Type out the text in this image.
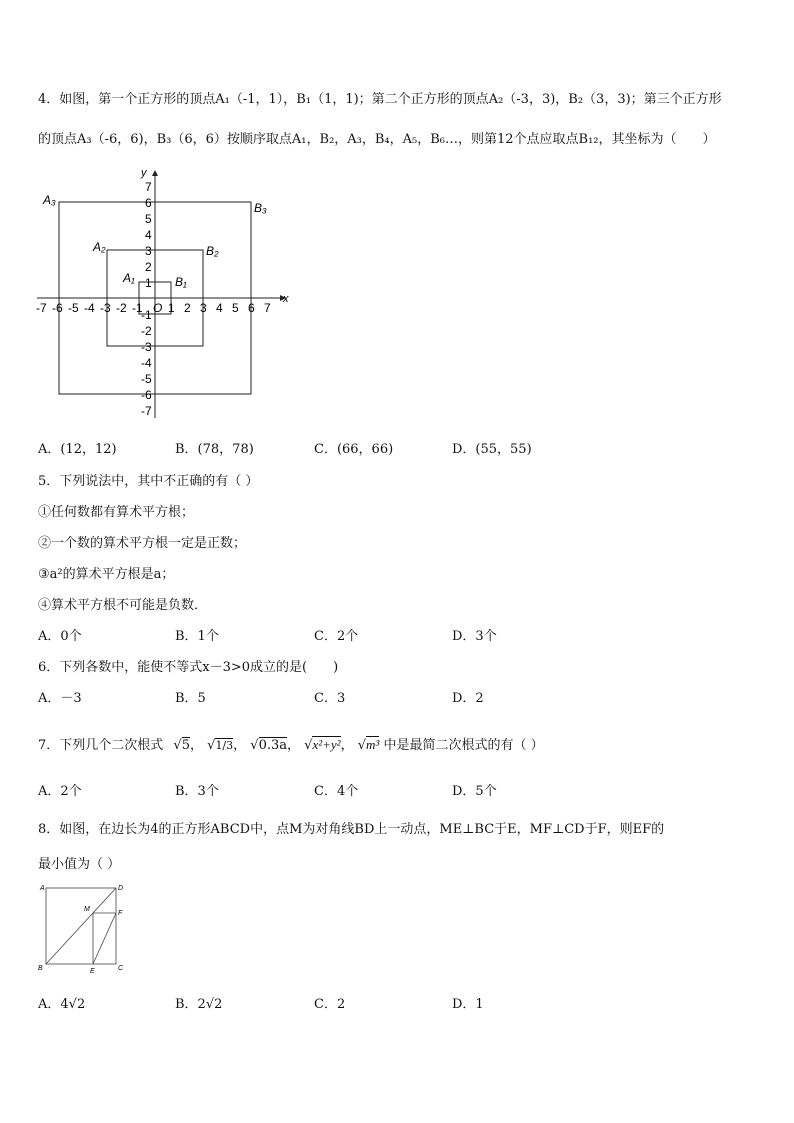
4．如图，第一个正方形的顶点A₁（-1，1），B₁（1，1)；第二个正方形的顶点A₂（-3，3)，B₂（3，3)；第三个正方形
的顶点A₃（-6，6)，B₃（6，6）按顺序取点A₁，B₂，A₃，B₄，A₅，B₆…，则第12个点应取点B₁₂，其坐标为（　　）
x
y
O
-7 -6 -5 -4 -3 -2 -1 1 2 3 4 5 6 7
7
6
5
4
3
2
1
-1
-2
-3
-4
-5
-6
-7
A₁	B₁
A₂	B₂
A₃
B₃
A．(12，12)	B．(78，78)	C．(66，66)	D．(55，55)
5．下列说法中，其中不正确的有（ ）
①任何数都有算术平方根；
②一个数的算术平方根一定是正数；
③a²的算术平方根是a；
④算术平方根不可能是负数．
A．0个	B．1个	C．2个	D．3个
6．下列各数中，能使不等式x－3>0成立的是(　　)
A．－3	B．5	C．3	D．2
7．下列几个二次根式 √5， √1/3， √0.3a， √x²+y²， √m³ 中是最简二次根式的有（ ）
A．2个	B．3个	C．4个	D．5个
8．如图，在边长为4的正方形ABCD中，点M为对角线BD上一动点，ME⊥BC于E，MF⊥CD于F，则EF的
最小值为（ ）
A	D
M
F
B	E	C
A．4√2	B．2√2	C．2	D．1
